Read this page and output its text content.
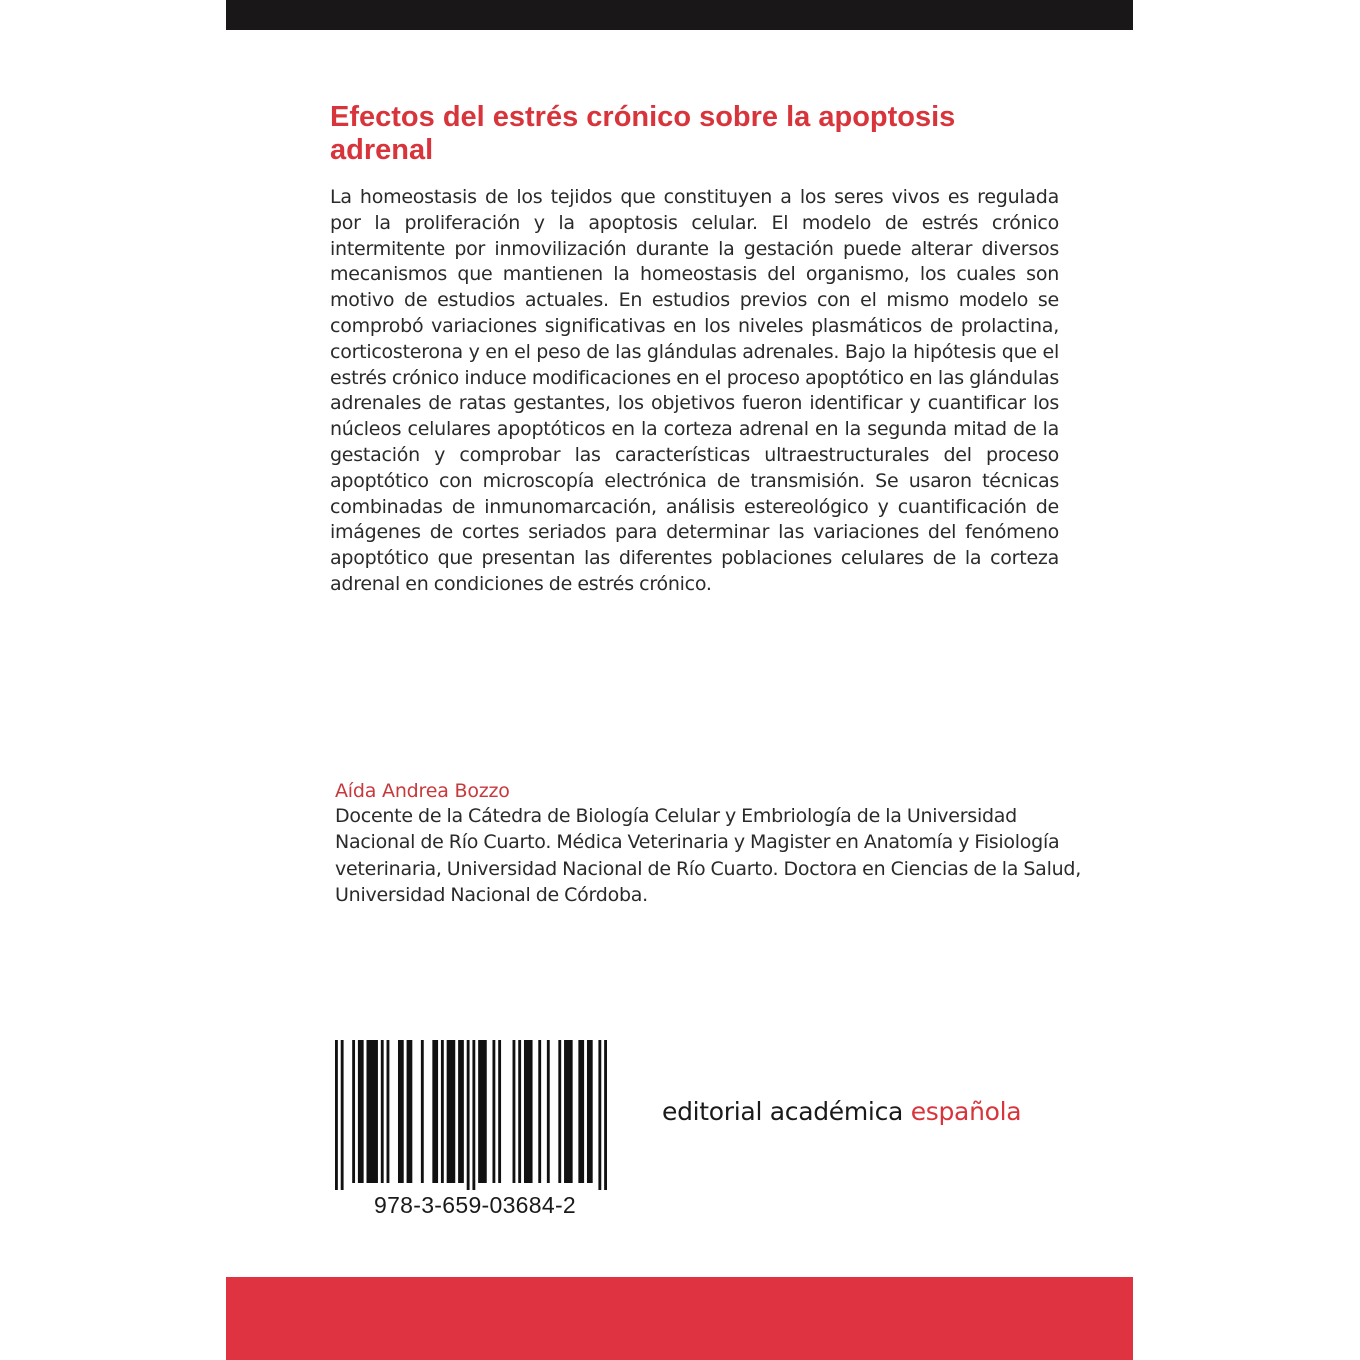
Efectos del estrés crónico sobre la apoptosis adrenal

La homeostasis de los tejidos que constituyen a los seres vivos es regulada por la proliferación y la apoptosis celular. El modelo de estrés crónico intermitente por inmovilización durante la gestación puede alterar diversos mecanismos que mantienen la homeostasis del organismo, los cuales son motivo de estudios actuales. En estudios previos con el mismo modelo se comprobó variaciones significativas en los niveles plasmáticos de prolactina, corticosterona y en el peso de las glándulas adrenales. Bajo la hipótesis que el estrés crónico induce modificaciones en el proceso apoptótico en las glándulas adrenales de ratas gestantes, los objetivos fueron identificar y cuantificar los núcleos celulares apoptóticos en la corteza adrenal en la segunda mitad de la gestación y comprobar las características ultraestructurales del proceso apoptótico con microscopía electrónica de transmisión. Se usaron técnicas combinadas de inmunomarcación, análisis estereológico y cuantificación de imágenes de cortes seriados para determinar las variaciones del fenómeno apoptótico que presentan las diferentes poblaciones celulares de la corteza adrenal en condiciones de estrés crónico.

Aída Andrea Bozzo

Docente de la Cátedra de Biología Celular y Embriología de la Universidad Nacional de Río Cuarto. Médica Veterinaria y Magister en Anatomía y Fisiología veterinaria, Universidad Nacional de Río Cuarto. Doctora en Ciencias de la Salud, Universidad Nacional de Córdoba.

978-3-659-03684-2
editorial académica española
